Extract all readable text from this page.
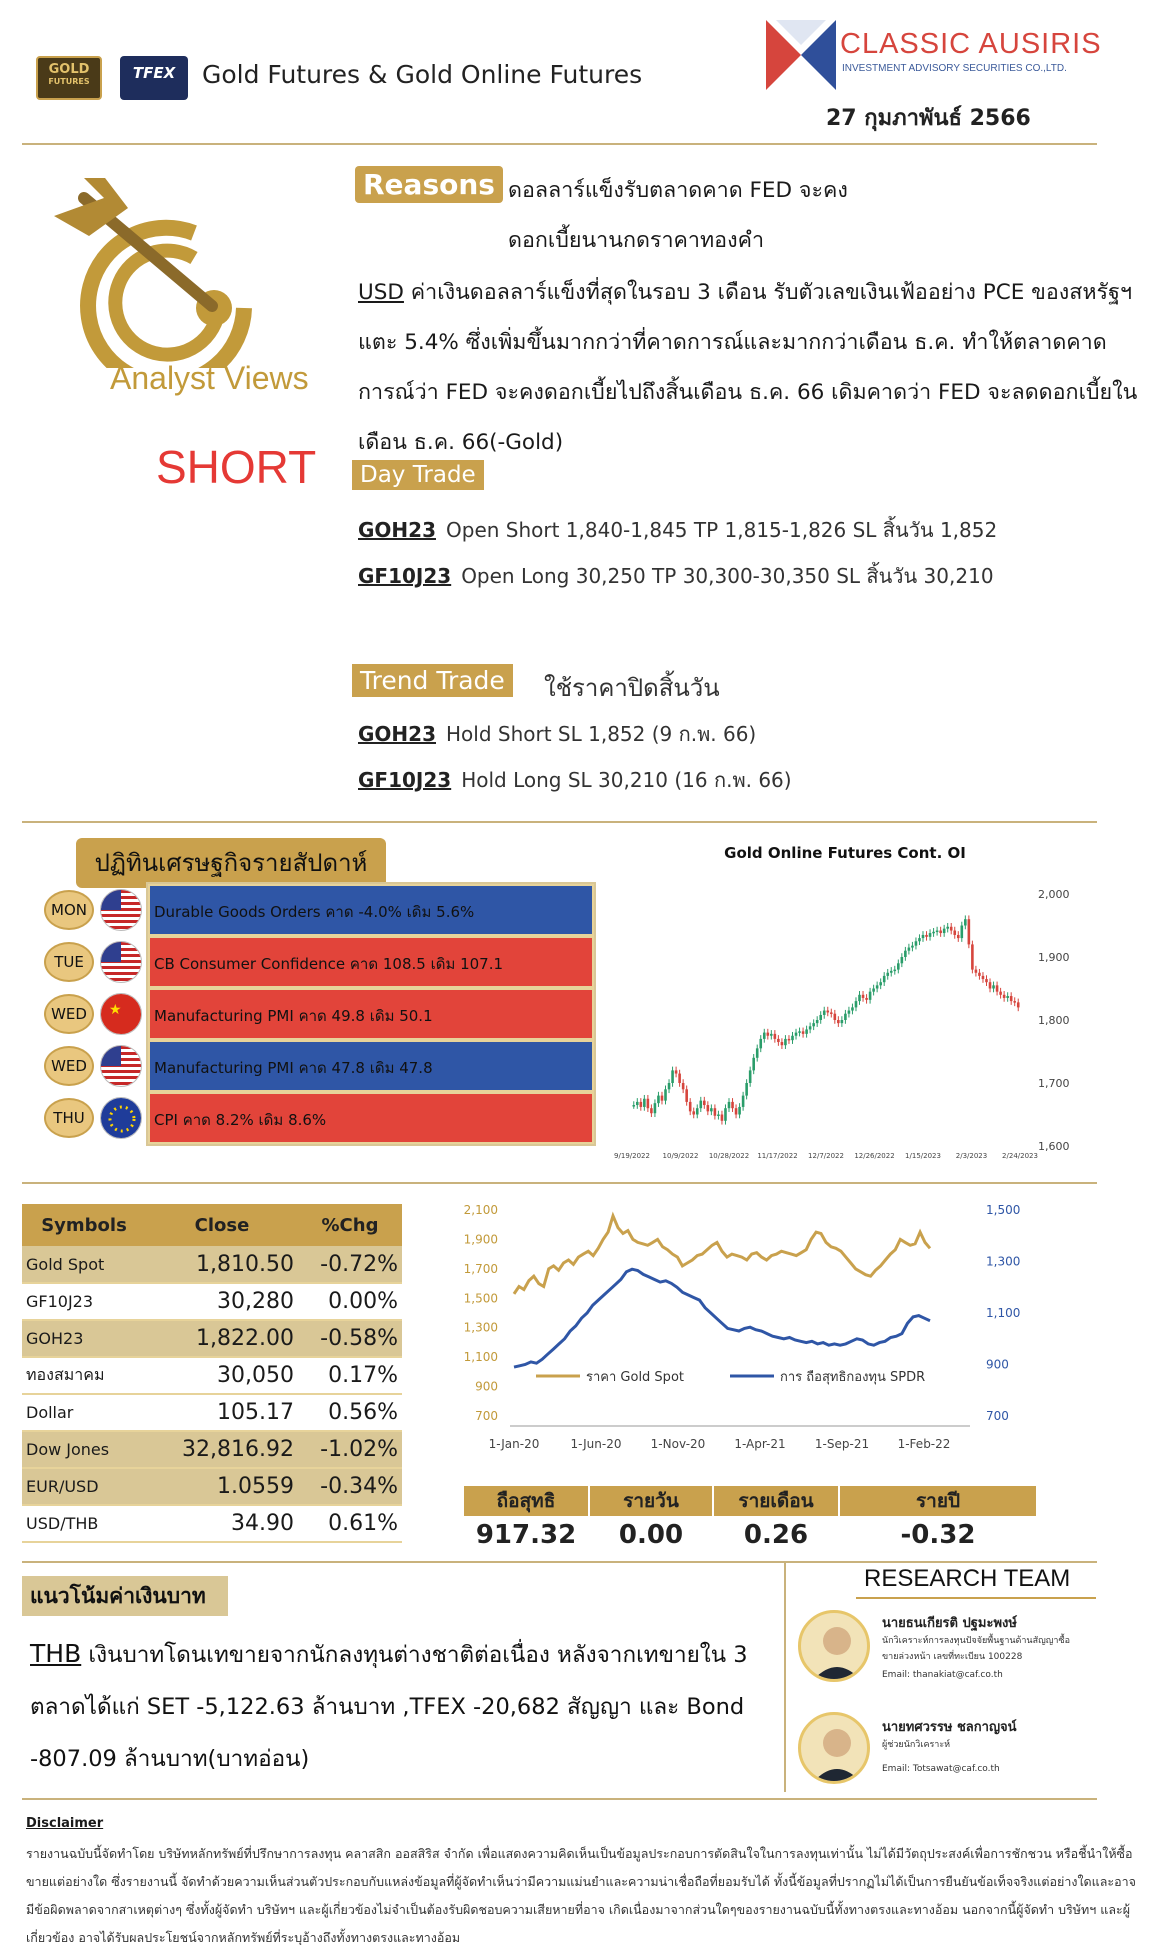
GOLD
FUTURES	TFEX	Gold Futures & Gold Online Futures
CLASSIC AUSIRIS
INVESTMENT ADVISORY SECURITIES CO.,LTD.
27 กุมภาพันธ์ 2566
Analyst Views
SHORT
Reasons ดอลลาร์แข็งรับตลาดคาด FED จะคงดอกเบี้ยนานกดราคาทองคำ
USD ค่าเงินดอลลาร์แข็งที่สุดในรอบ 3 เดือน รับตัวเลขเงินเฟ้ออย่าง PCE ของสหรัฐฯแตะ 5.4% ซึ่งเพิ่มขึ้นมากกว่าที่คาดการณ์และมากกว่าเดือน ธ.ค. ทำให้ตลาดคาดการณ์ว่า FED จะคงดอกเบี้ยไปถึงสิ้นเดือน ธ.ค. 66 เดิมคาดว่า FED จะลดดอกเบี้ยในเดือน ธ.ค. 66(-Gold)
Day Trade
GOH23 Open Short 1,840-1,845 TP 1,815-1,826 SL สิ้นวัน 1,852
GF10J23 Open Long 30,250 TP 30,300-30,350 SL สิ้นวัน 30,210
Trend Trade	ใช้ราคาปิดสิ้นวัน
GOH23 Hold Short SL 1,852 (9 ก.พ. 66)
GF10J23 Hold Long SL 30,210 (16 ก.พ. 66)
ปฏิทินเศรษฐกิจรายสัปดาห์
MON	Durable Goods Orders คาด -4.0% เดิม 5.6%
TUE	CB Consumer Confidence คาด 108.5 เดิม 107.1
WED	★	Manufacturing PMI คาด 49.8 เดิม 50.1
WED	Manufacturing PMI คาด 47.8 เดิม 47.8
THU	CPI คาด 8.2% เดิม 8.6%
Gold Online Futures Cont. OI
2,000
1,900
1,800
1,700
1,600
9/19/2022 10/9/2022 10/28/2022 11/17/2022 12/7/2022 12/26/2022 1/15/2023 2/3/2023 2/24/2023
Symbols	Close	%Chg
Gold Spot	1,810.50	-0.72%
GF10J23	30,280	0.00%
GOH23	1,822.00	-0.58%
ทองสมาคม	30,050	0.17%
Dollar	105.17	0.56%
Dow Jones	32,816.92	-1.02%
EUR/USD	1.0559	-0.34%
USD/THB	34.90	0.61%
2,100
1,900
1,700
1,500
1,300
1,100
900
700
1,500
1,300
1,100
900
700
1-Jan-20	1-Jun-20 1-Nov-20 1-Apr-21 1-Sep-21 1-Feb-22
ราคา Gold Spot	การ ถือสุทธิกองทุน SPDR
ถือสุทธิ
917.32
รายวัน
0.00
รายเดือน
0.26
รายปี
-0.32
แนวโน้มค่าเงินบาท
THB เงินบาทโดนเทขายจากนักลงทุนต่างชาติต่อเนื่อง หลังจากเทขายใน 3 ตลาดได้แก่ SET -5,122.63 ล้านบาท ,TFEX -20,682 สัญญา และ Bond -807.09 ล้านบาท(บาทอ่อน)
RESEARCH TEAM
นายธนเกียรติ ปฐมะพงษ์
นักวิเคราะห์การลงทุนปัจจัยพื้นฐานด้านสัญญาซื้อ
ขายล่วงหน้า เลขที่ทะเบียน 100228
Email: thanakiat@caf.co.th
นายทศวรรษ ชลกาญจน์
ผู้ช่วยนักวิเคราะห์
Email: Totsawat@caf.co.th
Disclaimer
รายงานฉบับนี้จัดทำโดย บริษัทหลักทรัพย์ที่ปรึกษาการลงทุน คลาสสิก ออสสิริส จำกัด เพื่อแสดงความคิดเห็นเป็นข้อมูลประกอบการตัดสินใจในการลงทุนเท่านั้น ไม่ได้มีวัตถุประสงค์เพื่อการชักชวน หรือชี้นำให้ซื้อขายแต่อย่างใด ซึ่งรายงานนี้ จัดทำด้วยความเห็นส่วนตัวประกอบกับแหล่งข้อมูลที่ผู้จัดทำเห็นว่ามีความแม่นยำและความน่าเชื่อถือที่ยอมรับได้ ทั้งนี้ข้อมูลที่ปรากฏไม่ได้เป็นการยืนยันข้อเท็จจริงแต่อย่างใดและอาจมีข้อผิดพลาดจากสาเหตุต่างๆ ซึ่งทั้งผู้จัดทำ บริษัทฯ และผู้เกี่ยวข้องไม่จำเป็นต้องรับผิดชอบความเสียหายที่อาจ เกิดเนื่องมาจากส่วนใดๆของรายงานฉบับนี้ทั้งทางตรงและทางอ้อม นอกจากนี้ผู้จัดทำ บริษัทฯ และผู้เกี่ยวข้อง อาจได้รับผลประโยชน์จากหลักทรัพย์ที่ระบุอ้างถึงทั้งทางตรงและทางอ้อม
